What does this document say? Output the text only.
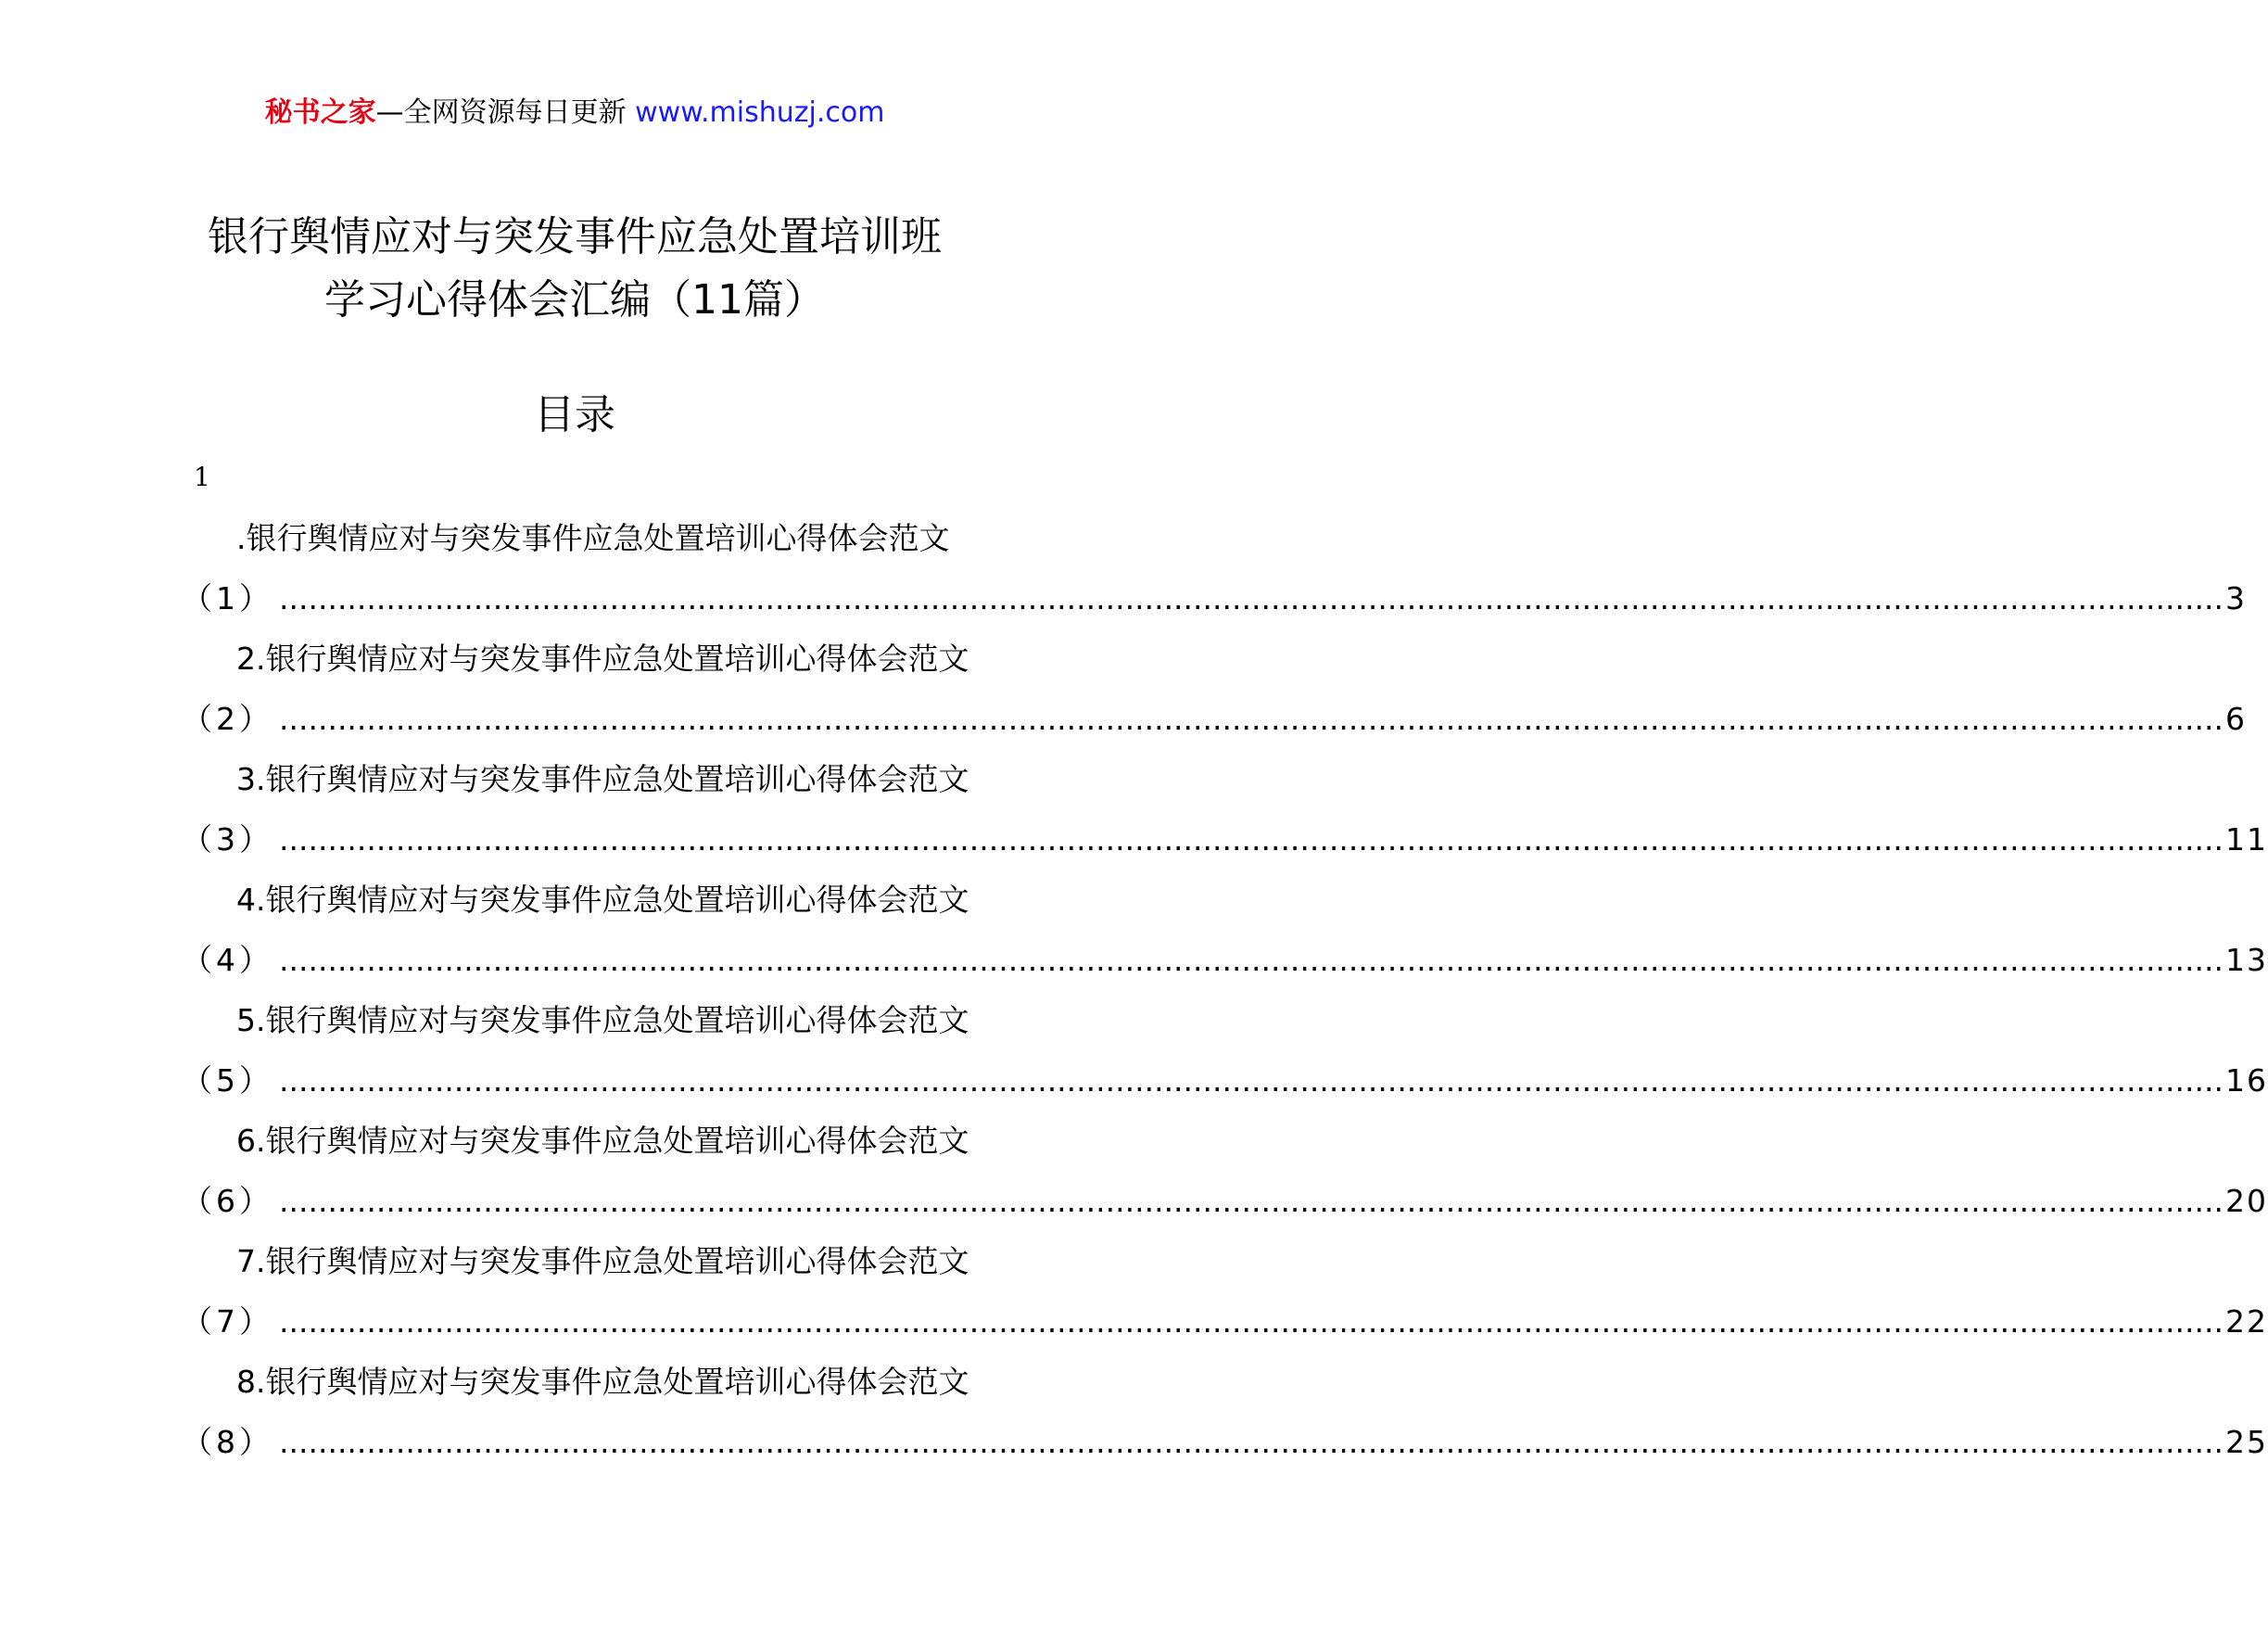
秘书之家—全网资源每日更新 www.mishuzj.com
银行舆情应对与突发事件应急处置培训班
学习心得体会汇编（11篇）
目录
1
.银行舆情应对与突发事件应急处置培训心得体会范文
（1） ........................................................................................................................................................................................................ 3
2.银行舆情应对与突发事件应急处置培训心得体会范文
（2） ........................................................................................................................................................................................................ 6
3.银行舆情应对与突发事件应急处置培训心得体会范文
（3） ........................................................................................................................................................................................................ 11
4.银行舆情应对与突发事件应急处置培训心得体会范文
（4） ........................................................................................................................................................................................................ 13
5.银行舆情应对与突发事件应急处置培训心得体会范文
（5） ........................................................................................................................................................................................................ 16
6.银行舆情应对与突发事件应急处置培训心得体会范文
（6） ........................................................................................................................................................................................................ 20
7.银行舆情应对与突发事件应急处置培训心得体会范文
（7） ........................................................................................................................................................................................................ 22
8.银行舆情应对与突发事件应急处置培训心得体会范文
（8） ........................................................................................................................................................................................................ 25
